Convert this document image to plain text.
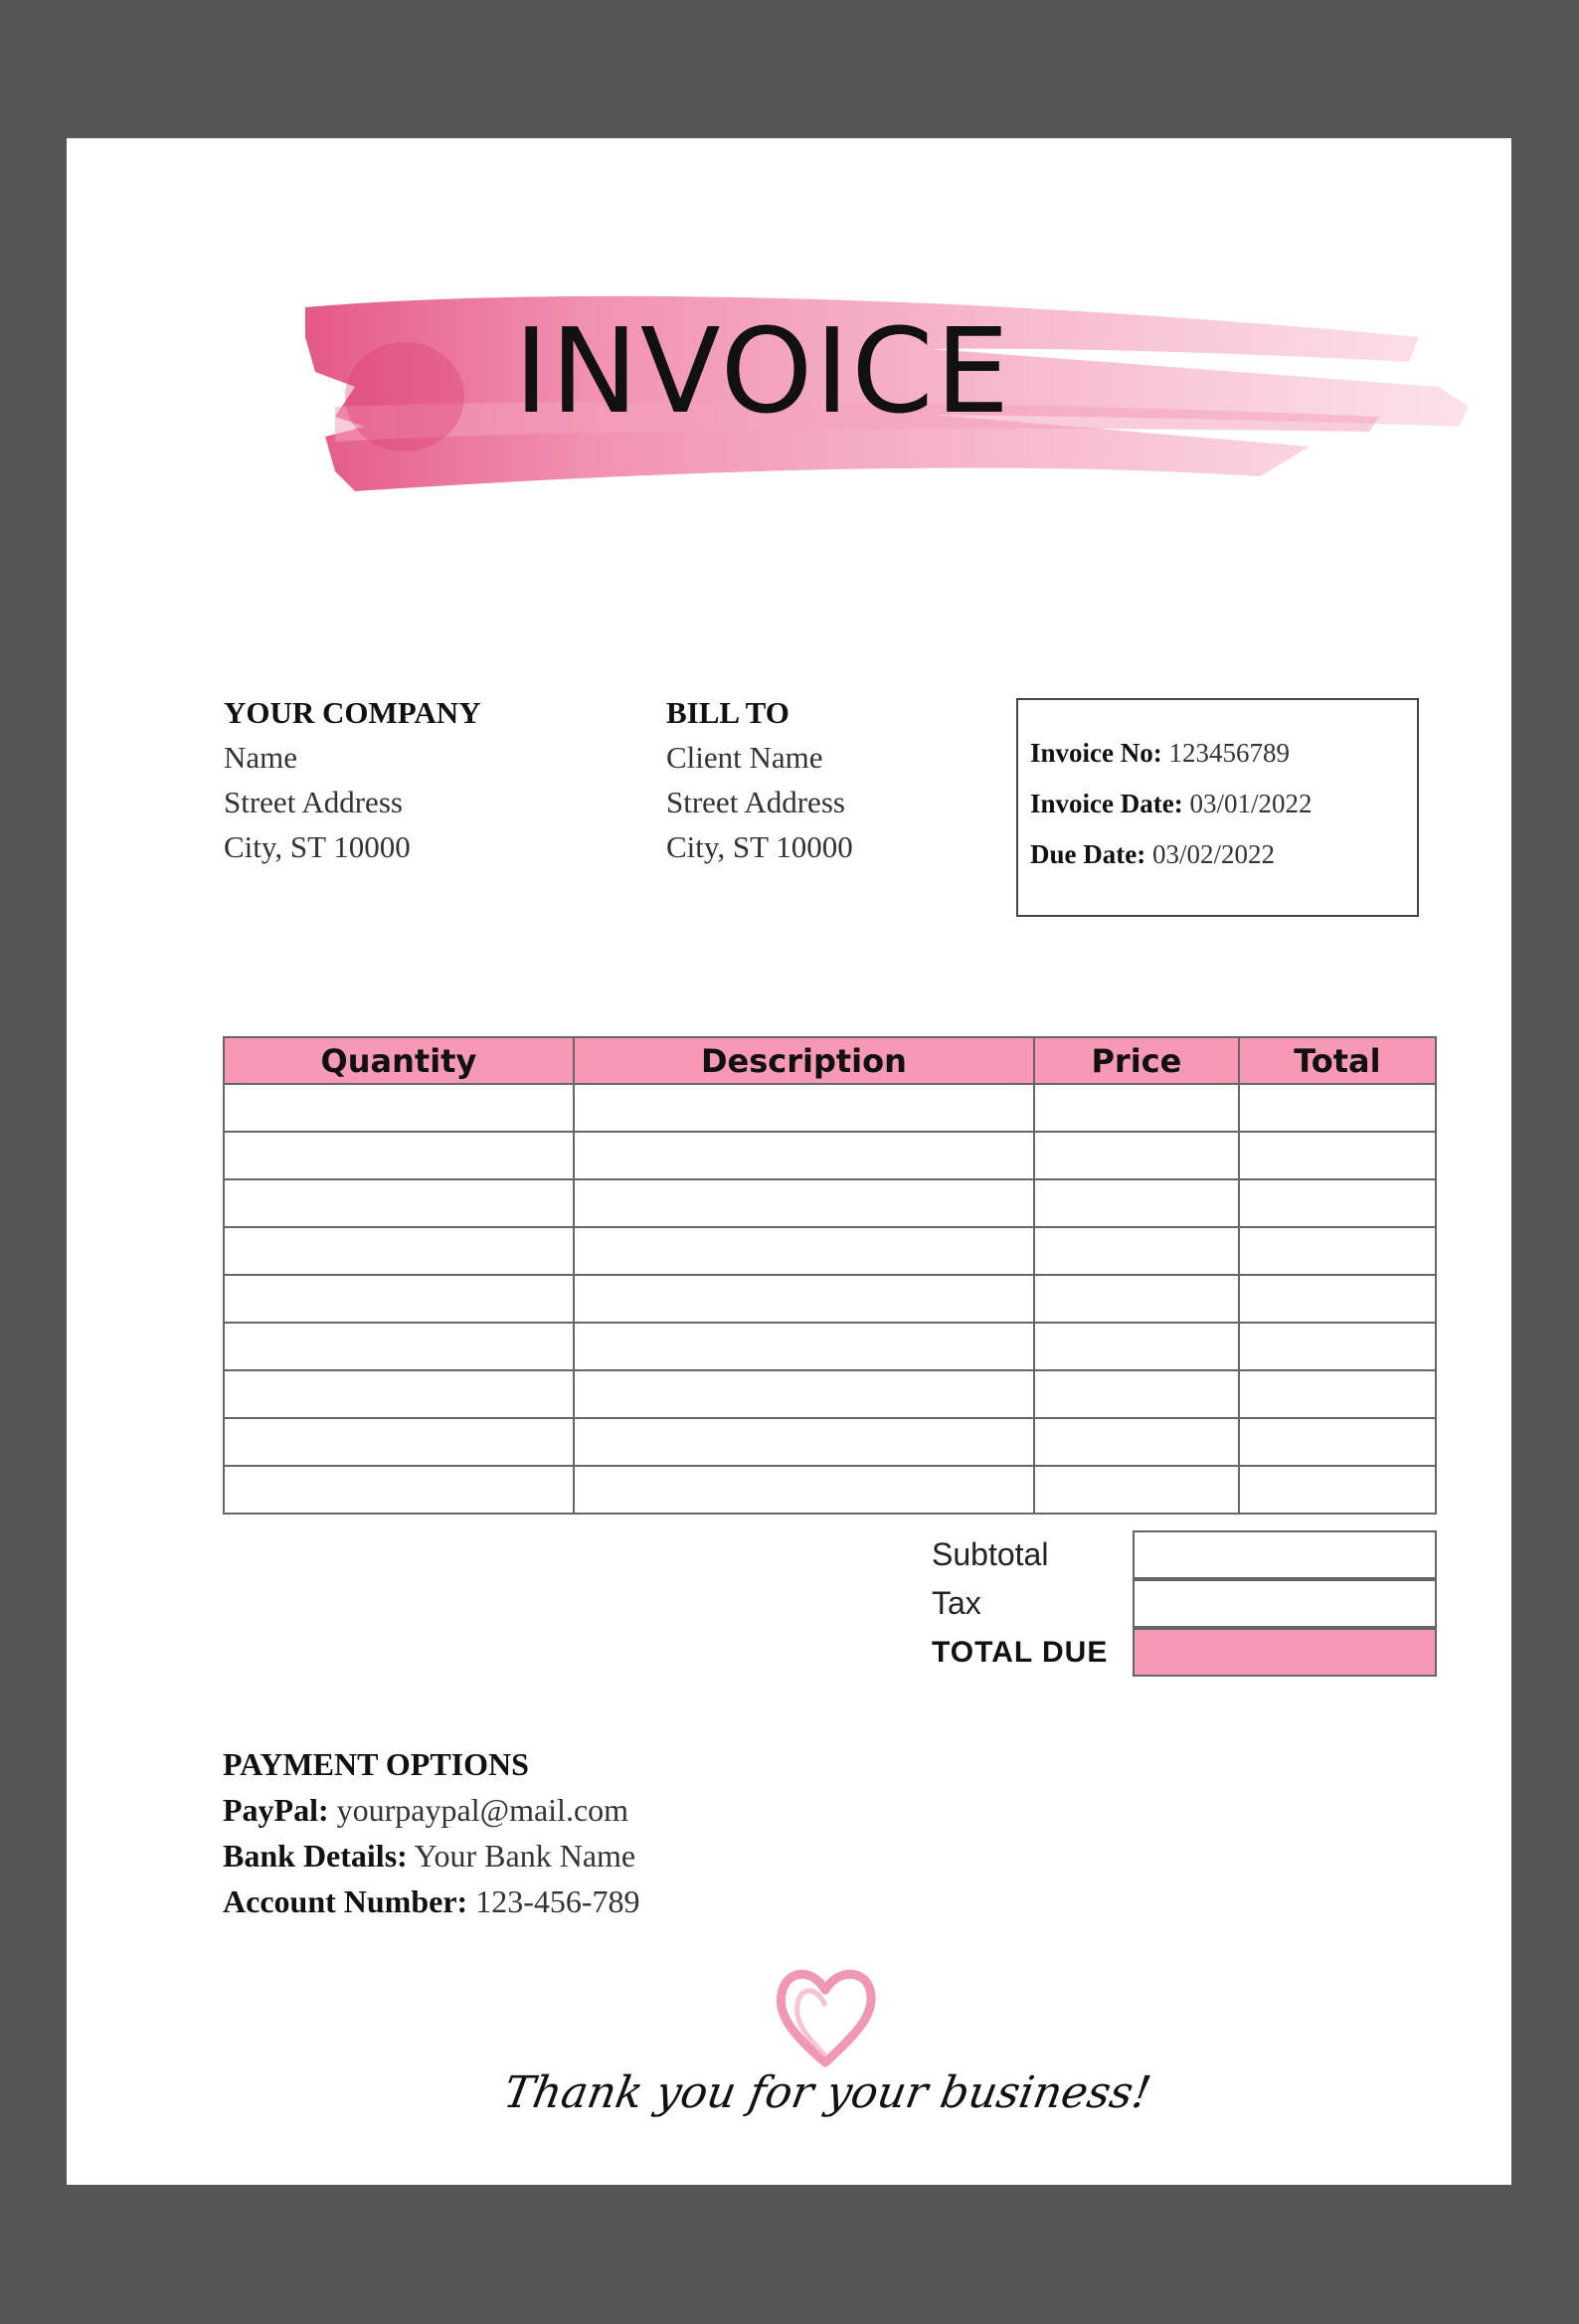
INVOICE
YOUR COMPANY
Name
Street Address
City, ST 10000
BILL TO
Client Name
Street Address
City, ST 10000
Invoice No: 123456789
Invoice Date: 03/01/2022
Due Date: 03/02/2022
Quantity	Description	Price	Total

Subtotal
Tax
TOTAL DUE
PAYMENT OPTIONS
PayPal: yourpaypal@mail.com
Bank Details: Your Bank Name
Account Number: 123-456-789
Thank you for your business!
